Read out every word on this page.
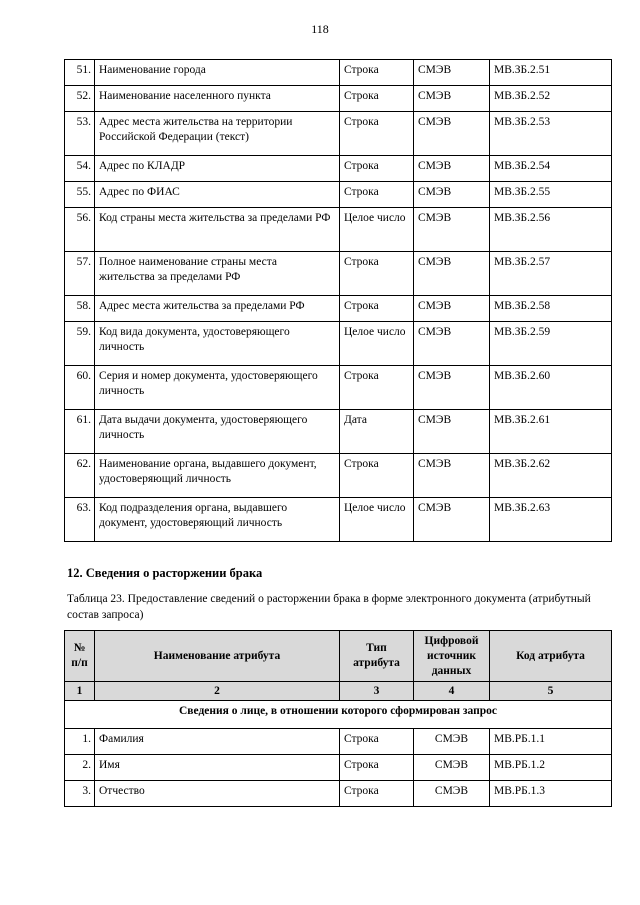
118
51.	Наименование города	Строка	СМЭВ	МВ.ЗБ.2.51
52.	Наименование населенного пункта	Строка	СМЭВ	МВ.ЗБ.2.52
53.	Адрес места жительства на территории Российской Федерации (текст)	Строка	СМЭВ	МВ.ЗБ.2.53
54.	Адрес по КЛАДР	Строка	СМЭВ	МВ.ЗБ.2.54
55.	Адрес по ФИАС	Строка	СМЭВ	МВ.ЗБ.2.55
56.	Код страны места жительства за пределами РФ	Целое число	СМЭВ	МВ.ЗБ.2.56
57.	Полное наименование страны места жительства за пределами РФ	Строка	СМЭВ	МВ.ЗБ.2.57
58.	Адрес места жительства за пределами РФ	Строка	СМЭВ	МВ.ЗБ.2.58
59.	Код вида документа, удостоверяющего личность	Целое число	СМЭВ	МВ.ЗБ.2.59
60.	Серия и номер документа, удостоверяющего личность	Строка	СМЭВ	МВ.ЗБ.2.60
61.	Дата выдачи документа, удостоверяющего личность	Дата	СМЭВ	МВ.ЗБ.2.61
62.	Наименование органа, выдавшего документ, удостоверяющий личность	Строка	СМЭВ	МВ.ЗБ.2.62
63.	Код подразделения органа, выдавшего документ, удостоверяющий личность	Целое число	СМЭВ	МВ.ЗБ.2.63
12. Сведения о расторжении брака
Таблица 23. Предоставление сведений о расторжении брака в форме электронного документа (атрибутный состав запроса)
№ п/п	Наименование атрибута	Тип атрибута	Цифровой источник данных	Код атрибута
1	2	3	4	5
Сведения о лице, в отношении которого сформирован запрос				
1.	Фамилия	Строка	СМЭВ	МВ.РБ.1.1
2.	Имя	Строка	СМЭВ	МВ.РБ.1.2
3.	Отчество	Строка	СМЭВ	МВ.РБ.1.3
